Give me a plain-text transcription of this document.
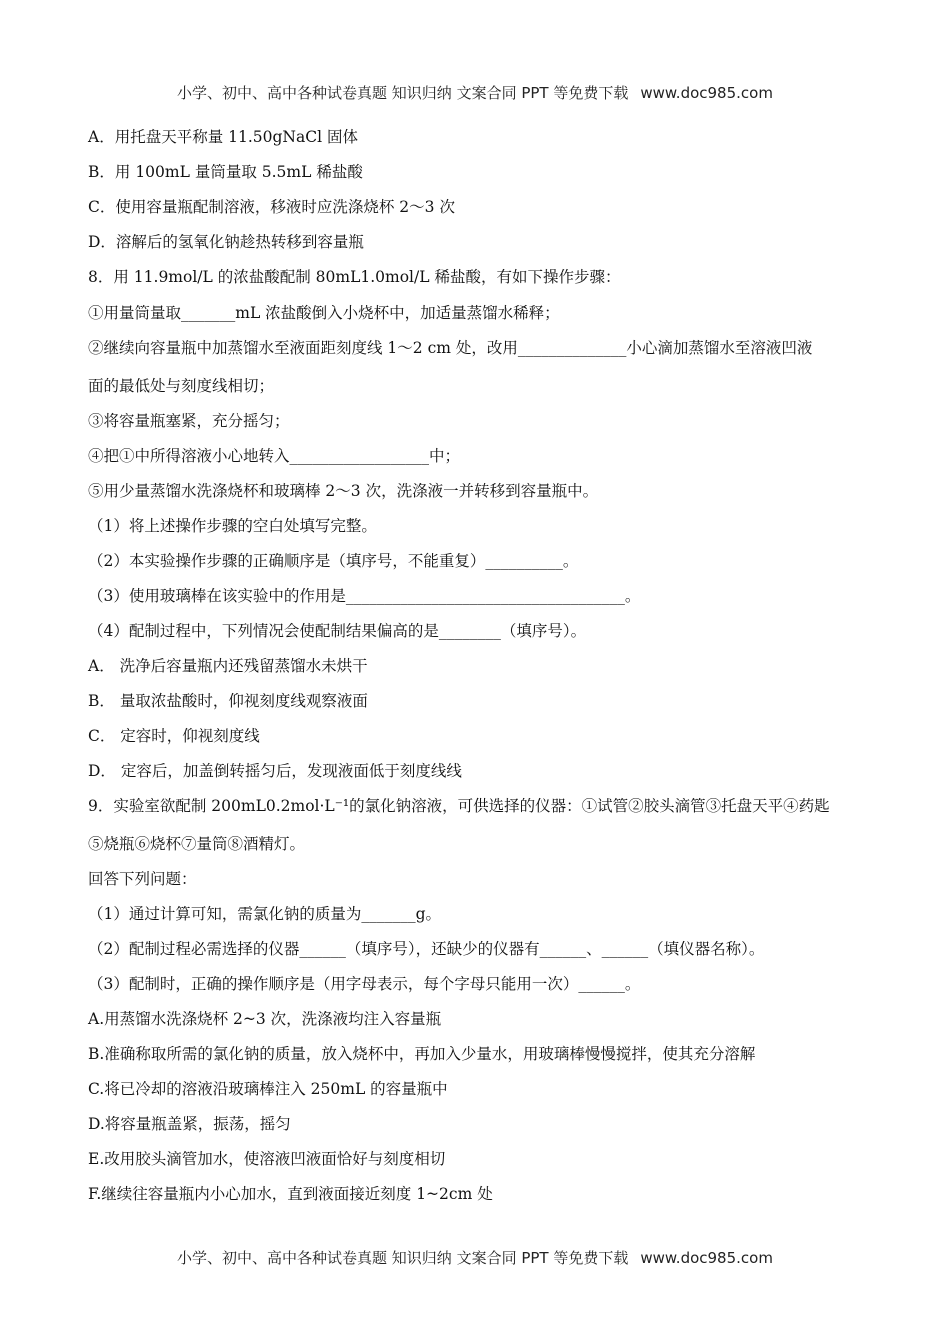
小学、初中、高中各种试卷真题 知识归纳 文案合同 PPT 等免费下载 www.doc985.com

A．用托盘天平称量 11.50gNaCl 固体

B．用 100mL 量筒量取 5.5mL 稀盐酸

C．使用容量瓶配制溶液，移液时应洗涤烧杯 2～3 次

D．溶解后的氢氧化钠趁热转移到容量瓶

8．用 11.9mol/L 的浓盐酸配制 80mL1.0mol/L 稀盐酸，有如下操作步骤：

①用量筒量取_______mL 浓盐酸倒入小烧杯中，加适量蒸馏水稀释；

②继续向容量瓶中加蒸馏水至液面距刻度线 1～2 cm 处，改用______________小心滴加蒸馏水至溶液凹液

面的最低处与刻度线相切；

③将容量瓶塞紧，充分摇匀；

④把①中所得溶液小心地转入__________________中；

⑤用少量蒸馏水洗涤烧杯和玻璃棒 2～3 次，洗涤液一并转移到容量瓶中。

（1）将上述操作步骤的空白处填写完整。

（2）本实验操作步骤的正确顺序是（填序号，不能重复）__________。

（3）使用玻璃棒在该实验中的作用是____________________________________。

（4）配制过程中，下列情况会使配制结果偏高的是________（填序号）。

A． 洗净后容量瓶内还残留蒸馏水未烘干

B． 量取浓盐酸时，仰视刻度线观察液面

C． 定容时，仰视刻度线

D． 定容后，加盖倒转摇匀后，发现液面低于刻度线线

9．实验室欲配制 200mL0.2mol·L⁻¹的氯化钠溶液，可供选择的仪器：①试管②胶头滴管③托盘天平④药匙

⑤烧瓶⑥烧杯⑦量筒⑧酒精灯。

回答下列问题：

（1）通过计算可知，需氯化钠的质量为_______g。

（2）配制过程必需选择的仪器______（填序号），还缺少的仪器有______、______（填仪器名称）。

（3）配制时，正确的操作顺序是（用字母表示，每个字母只能用一次）______。

A.用蒸馏水洗涤烧杯 2~3 次，洗涤液均注入容量瓶

B.准确称取所需的氯化钠的质量，放入烧杯中，再加入少量水，用玻璃棒慢慢搅拌，使其充分溶解

C.将已冷却的溶液沿玻璃棒注入 250mL 的容量瓶中

D.将容量瓶盖紧，振荡，摇匀

E.改用胶头滴管加水，使溶液凹液面恰好与刻度相切

F.继续往容量瓶内小心加水，直到液面接近刻度 1~2cm 处

小学、初中、高中各种试卷真题 知识归纳 文案合同 PPT 等免费下载 www.doc985.com
